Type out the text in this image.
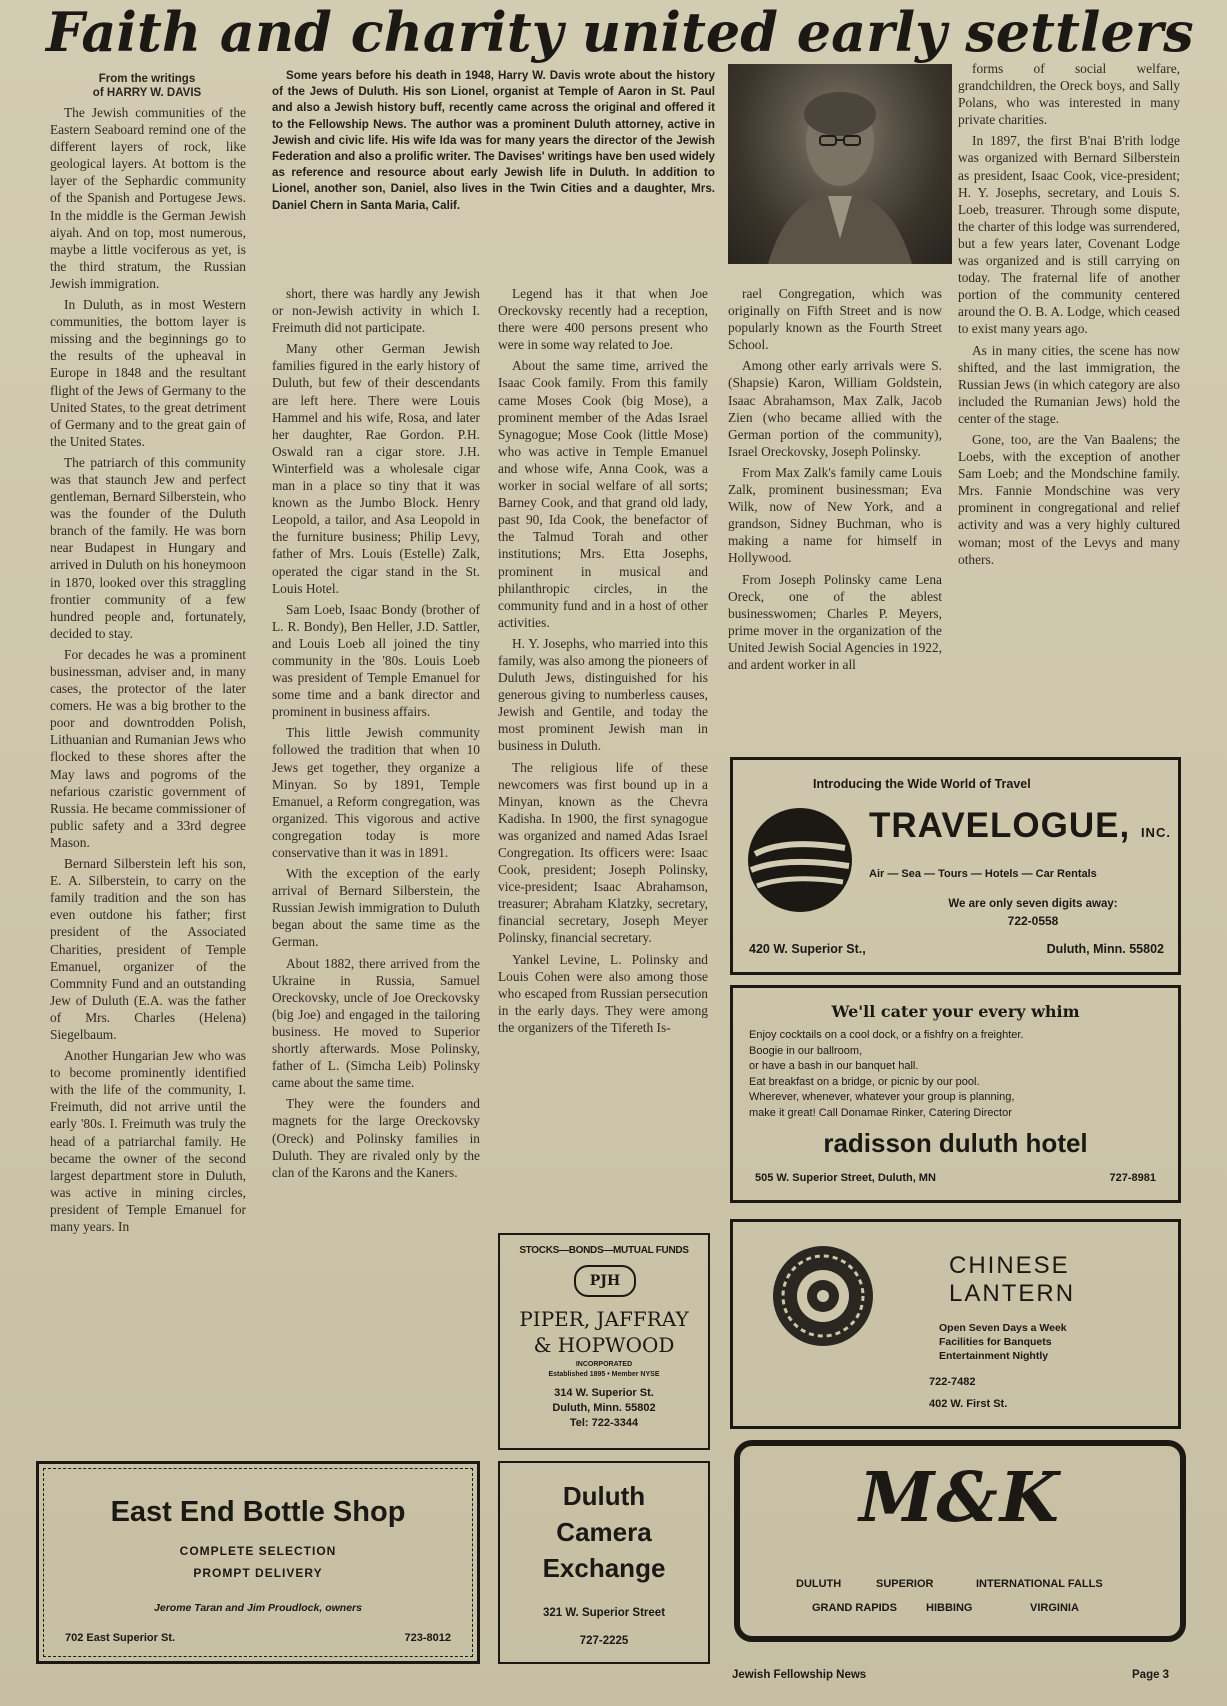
Faith and charity united early settlers
From the writings
of HARRY W. DAVIS

Some years before his death in 1948, Harry W. Davis wrote about the history of the Jews of Duluth. His son Lionel, organist at Temple of Aaron in St. Paul and also a Jewish history buff, recently came across the original and offered it to the Fellowship News. The author was a prominent Duluth attorney, active in Jewish and civic life. His wife Ida was for many years the director of the Jewish Federation and also a prolific writer. The Davises' writings have ben used widely as reference and resource about early Jewish life in Duluth. In addition to Lionel, another son, Daniel, also lives in the Twin Cities and a daughter, Mrs. Daniel Chern in Santa Maria, Calif.

The Jewish communities of the Eastern Seaboard remind one of the different layers of rock, like geological layers. At bottom is the layer of the Sephardic community of the Spanish and Portugese Jews. In the middle is the German Jewish aiyah. And on top, most numerous, maybe a little vociferous as yet, is the third stratum, the Russian Jewish immigration.

In Duluth, as in most Western communities, the bottom layer is missing and the beginnings go to the results of the upheaval in Europe in 1848 and the resultant flight of the Jews of Germany to the United States, to the great detriment of Germany and to the great gain of the United States.

The patriarch of this community was that staunch Jew and perfect gentleman, Bernard Silberstein, who was the founder of the Duluth branch of the family. He was born near Budapest in Hungary and arrived in Duluth on his honeymoon in 1870, looked over this straggling frontier community of a few hundred people and, fortunately, decided to stay.

For decades he was a prominent businessman, adviser and, in many cases, the protector of the later comers. He was a big brother to the poor and downtrodden Polish, Lithuanian and Rumanian Jews who flocked to these shores after the May laws and pogroms of the nefarious czaristic government of Russia. He became commissioner of public safety and a 33rd degree Mason.

Bernard Silberstein left his son, E. A. Silberstein, to carry on the family tradition and the son has even outdone his father; first president of the Associated Charities, president of Temple Emanuel, organizer of the Commnity Fund and an outstanding Jew of Duluth (E.A. was the father of Mrs. Charles (Helena) Siegelbaum.

Another Hungarian Jew who was to become prominently identified with the life of the community, I. Freimuth, did not arrive until the early '80s. I. Freimuth was truly the head of a patriarchal family. He became the owner of the second largest department store in Duluth, was active in mining circles, president of Temple Emanuel for many years. In

short, there was hardly any Jewish or non-Jewish activity in which I. Freimuth did not participate.

Many other German Jewish families figured in the early history of Duluth, but few of their descendants are left here. There were Louis Hammel and his wife, Rosa, and later her daughter, Rae Gordon. P.H. Oswald ran a cigar store. J.H. Winterfield was a wholesale cigar man in a place so tiny that it was known as the Jumbo Block. Henry Leopold, a tailor, and Asa Leopold in the furniture business; Philip Levy, father of Mrs. Louis (Estelle) Zalk, operated the cigar stand in the St. Louis Hotel.

Sam Loeb, Isaac Bondy (brother of L. R. Bondy), Ben Heller, J.D. Sattler, and Louis Loeb all joined the tiny community in the '80s. Louis Loeb was president of Temple Emanuel for some time and a bank director and prominent in business affairs.

This little Jewish community followed the tradition that when 10 Jews get together, they organize a Minyan. So by 1891, Temple Emanuel, a Reform congregation, was organized. This vigorous and active congregation today is more conservative than it was in 1891.

With the exception of the early arrival of Bernard Silberstein, the Russian Jewish immigration to Duluth began about the same time as the German.

About 1882, there arrived from the Ukraine in Russia, Samuel Oreckovsky, uncle of Joe Oreckovsky (big Joe) and engaged in the tailoring business. He moved to Superior shortly afterwards. Mose Polinsky, father of L. (Simcha Leib) Polinsky came about the same time.

They were the founders and magnets for the large Oreckovsky (Oreck) and Polinsky families in Duluth. They are rivaled only by the clan of the Karons and the Kaners.

Legend has it that when Joe Oreckovsky recently had a reception, there were 400 persons present who were in some way related to Joe.

About the same time, arrived the Isaac Cook family. From this family came Moses Cook (big Mose), a prominent member of the Adas Israel Synagogue; Mose Cook (little Mose) who was active in Temple Emanuel and whose wife, Anna Cook, was a worker in social welfare of all sorts; Barney Cook, and that grand old lady, past 90, Ida Cook, the benefactor of the Talmud Torah and other institutions; Mrs. Etta Josephs, prominent in musical and philanthropic circles, in the community fund and in a host of other activities.

H. Y. Josephs, who married into this family, was also among the pioneers of Duluth Jews, distinguished for his generous giving to numberless causes, Jewish and Gentile, and today the most prominent Jewish man in business in Duluth.

The religious life of these newcomers was first bound up in a Minyan, known as the Chevra Kadisha. In 1900, the first synagogue was organized and named Adas Israel Congregation. Its officers were: Isaac Cook, president; Joseph Polinsky, vice-president; Isaac Abrahamson, treasurer; Abraham Klatzky, secretary, financial secretary, Joseph Meyer Polinsky, financial secretary.

Yankel Levine, L. Polinsky and Louis Cohen were also among those who escaped from Russian persecution in the early days. They were among the organizers of the Tifereth Is-

rael Congregation, which was originally on Fifth Street and is now popularly known as the Fourth Street School.

Among other early arrivals were S. (Shapsie) Karon, William Goldstein, Isaac Abrahamson, Max Zalk, Jacob Zien (who became allied with the German portion of the community), Israel Oreckovsky, Joseph Polinsky.

From Max Zalk's family came Louis Zalk, prominent businessman; Eva Wilk, now of New York, and a grandson, Sidney Buchman, who is making a name for himself in Hollywood.

From Joseph Polinsky came Lena Oreck, one of the ablest businesswomen; Charles P. Meyers, prime mover in the organization of the United Jewish Social Agencies in 1922, and ardent worker in all

forms of social welfare, grandchildren, the Oreck boys, and Sally Polans, who was interested in many private charities.

In 1897, the first B'nai B'rith lodge was organized with Bernard Silberstein as president, Isaac Cook, vice-president; H. Y. Josephs, secretary, and Louis S. Loeb, treasurer. Through some dispute, the charter of this lodge was surrendered, but a few years later, Covenant Lodge was organized and is still carrying on today. The fraternal life of another portion of the community centered around the O. B. A. Lodge, which ceased to exist many years ago.

As in many cities, the scene has now shifted, and the last immigration, the Russian Jews (in which category are also included the Rumanian Jews) hold the center of the stage.

Gone, too, are the Van Baalens; the Loebs, with the exception of another Sam Loeb; and the Mondschine family. Mrs. Fannie Mondschine was very prominent in congregational and relief activity and was a very highly cultured woman; most of the Levys and many others.

Introducing the Wide World of Travel
TRAVELOGUE, INC.
Air — Sea — Tours — Hotels — Car Rentals
We are only seven digits away:
722-0558
420 W. Superior St.,	Duluth, Minn. 55802
We'll cater your every whim
Enjoy cocktails on a cool dock, or a fishfry on a freighter.
Boogie in our ballroom,
or have a bash in our banquet hall.
Eat breakfast on a bridge, or picnic by our pool.
Wherever, whenever, whatever your group is planning,
make it great! Call Donamae Rinker, Catering Director
radisson duluth hotel
505 W. Superior Street, Duluth, MN	727-8981
CHINESE
LANTERN
Open Seven Days a Week
Facilities for Banquets
Entertainment Nightly
722-7482
402 W. First St.
STOCKS—BONDS—MUTUAL FUNDS
PJH
PIPER, JAFFRAY
& HOPWOOD
INCORPORATED
Established 1895 • Member NYSE
314 W. Superior St.
Duluth, Minn. 55802
Tel: 722-3344
East End Bottle Shop
COMPLETE SELECTION
PROMPT DELIVERY
Jerome Taran and Jim Proudlock, owners
702 East Superior St.	723-8012
Duluth
Camera
Exchange
321 W. Superior Street
727-2225
M&K
DULUTH	SUPERIOR	INTERNATIONAL FALLS
GRAND RAPIDS	HIBBING	VIRGINIA
Jewish Fellowship News	Page 3
